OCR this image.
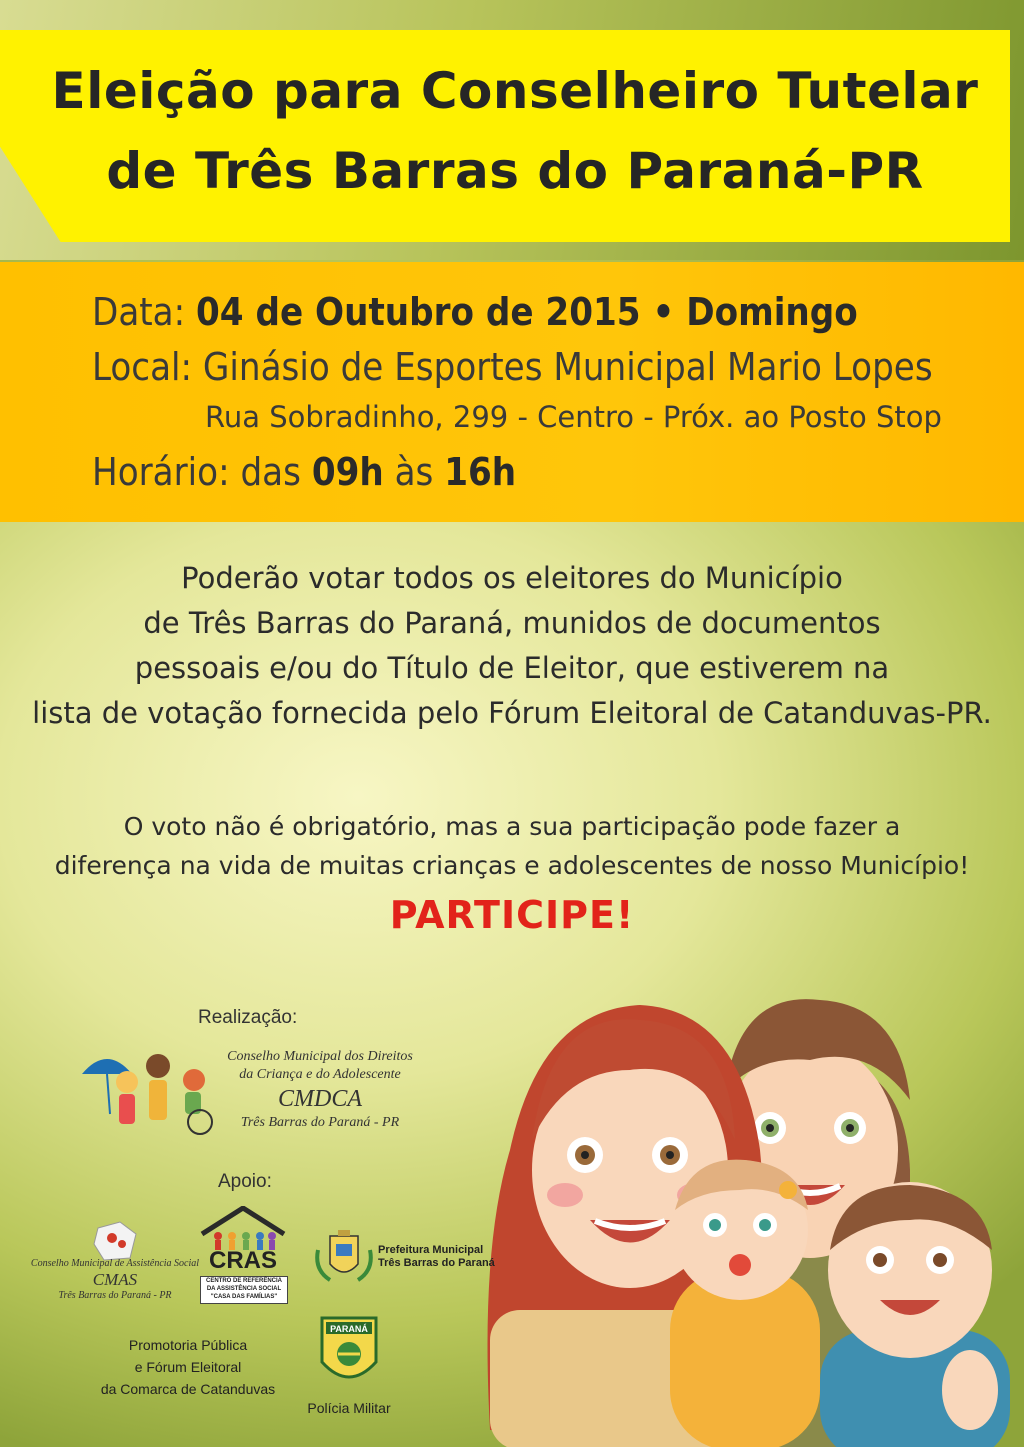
Eleição para Conselheiro Tutelar
de Três Barras do Paraná-PR
Data: 04 de Outubro de 2015 • Domingo
Local: Ginásio de Esportes Municipal Mario Lopes
Rua Sobradinho, 299 - Centro - Próx. ao Posto Stop
Horário: das 09h às 16h
Poderão votar todos os eleitores do Município
de Três Barras do Paraná, munidos de documentos
pessoais e/ou do Título de Eleitor, que estiverem na
lista de votação fornecida pelo Fórum Eleitoral de Catanduvas-PR.
O voto não é obrigatório, mas a sua participação pode fazer a
diferença na vida de muitas crianças e adolescentes de nosso Município!
PARTICIPE!
Realização:
Conselho Municipal dos Direitos
da Criança e do Adolescente
CMDCA
Três Barras do Paraná - PR
Apoio:
Conselho Municipal de Assistência Social
CMAS
Três Barras do Paraná - PR
CRAS
CENTRO DE REFERÊNCIA
DA ASSISTÊNCIA SOCIAL
"CASA DAS FAMÍLIAS"
Prefeitura Municipal
Três Barras do Paraná
Promotoria Pública
e Fórum Eleitoral
da Comarca de Catanduvas
PARANÁ
Polícia Militar
